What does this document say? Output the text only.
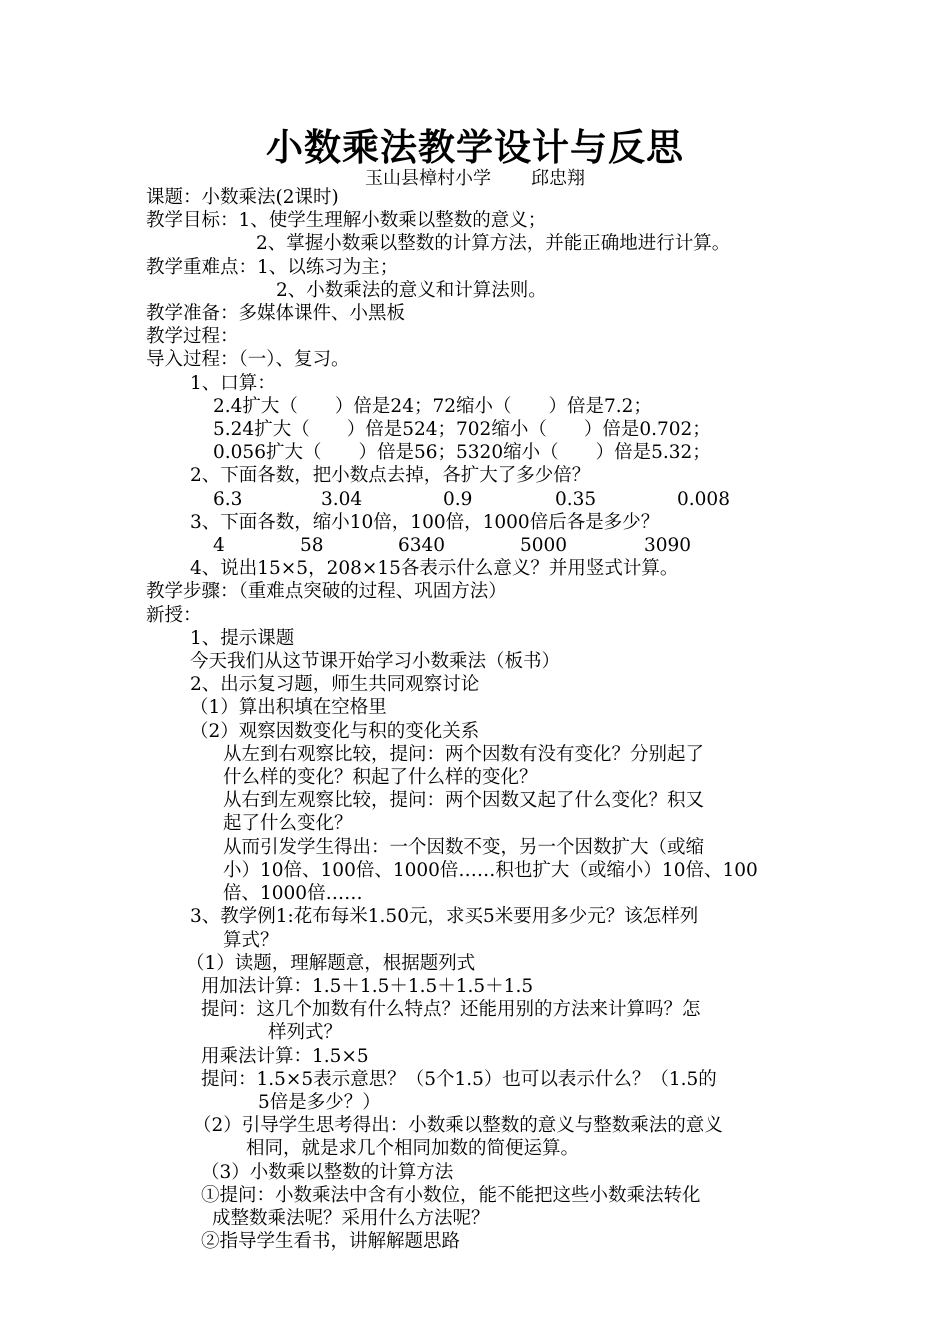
小数乘法教学设计与反思
玉山县樟村小学 邱忠翔
课题：小数乘法(2课时)
教学目标：1、使学生理解小数乘以整数的意义；
2、掌握小数乘以整数的计算方法，并能正确地进行计算。
教学重难点：1、以练习为主；
2、小数乘法的意义和计算法则。
教学准备：多媒体课件、小黑板
教学过程：
导入过程：（一）、复习。
1、口算：
2.4扩大（　　）倍是24；72缩小（　　）倍是7.2；
5.24扩大（　　）倍是524；702缩小（　　）倍是0.702；
0.056扩大（　　）倍是56；5320缩小（　　）倍是5.32；
2、下面各数，把小数点去掉，各扩大了多少倍？
6.3	3.04	0.9	0.35	0.008
3、下面各数，缩小10倍，100倍，1000倍后各是多少？
4	58	6340	5000	3090
4、说出15×5，208×15各表示什么意义？并用竖式计算。
教学步骤：（重难点突破的过程、巩固方法）
新授：
1、提示课题
今天我们从这节课开始学习小数乘法（板书）
2、出示复习题，师生共同观察讨论
（1）算出积填在空格里
（2）观察因数变化与积的变化关系
从左到右观察比较，提问：两个因数有没有变化？分别起了
什么样的变化？积起了什么样的变化？
从右到左观察比较，提问：两个因数又起了什么变化？积又
起了什么变化？
从而引发学生得出：一个因数不变，另一个因数扩大（或缩
小）10倍、100倍、1000倍……积也扩大（或缩小）10倍、100
倍、1000倍……
3、教学例1:花布每米1.50元，求买5米要用多少元？该怎样列
算式？
（1）读题，理解题意，根据题列式
用加法计算：1.5＋1.5＋1.5＋1.5＋1.5
提问：这几个加数有什么特点？还能用别的方法来计算吗？怎
样列式？
用乘法计算：1.5×5
提问：1.5×5表示意思？（5个1.5）也可以表示什么？（1.5的
5倍是多少？）
（2）引导学生思考得出：小数乘以整数的意义与整数乘法的意义
相同，就是求几个相同加数的简便运算。
（3）小数乘以整数的计算方法
①提问：小数乘法中含有小数位，能不能把这些小数乘法转化
成整数乘法呢？采用什么方法呢？
②指导学生看书，讲解解题思路
